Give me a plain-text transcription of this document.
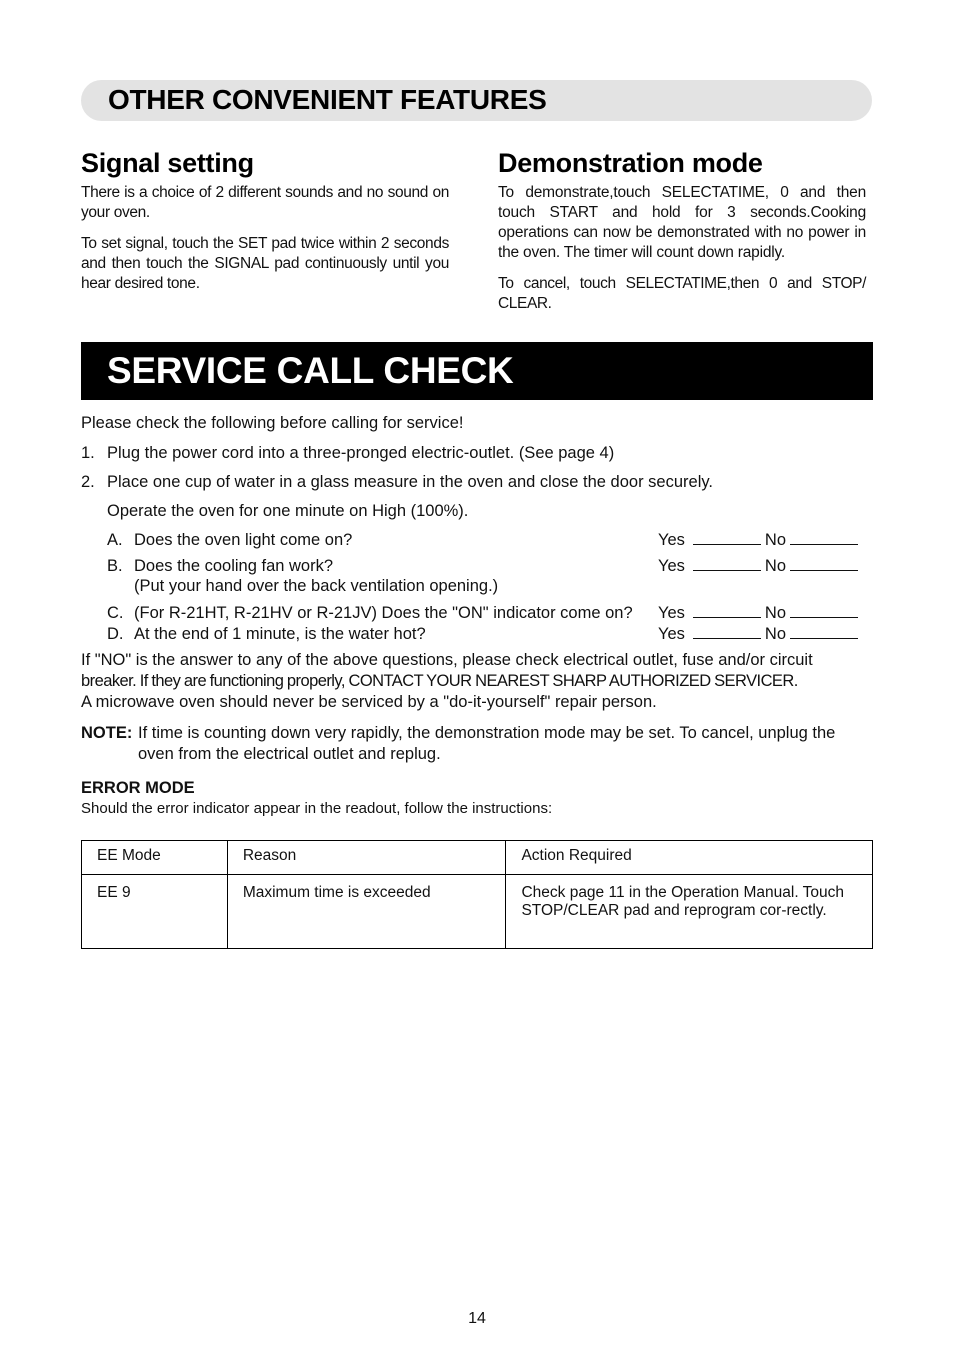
OTHER CONVENIENT FEATURES
Signal setting

There is a choice of 2 different sounds and no sound on your oven.

To set signal, touch the SET pad twice within 2 seconds and then touch the SIGNAL pad continuously until you hear desired tone.

Demonstration mode

To demonstrate,touch SELECTATIME, 0 and then touch START and hold for 3 seconds.Cooking operations can now be demonstrated with no power in the oven. The timer will count down rapidly.

To cancel, touch SELECTATIME,then 0 and STOP/ CLEAR.

SERVICE CALL CHECK
Please check the following before calling for service!
1. Plug the power cord into a three-pronged electric-outlet. (See page 4)
2. Place one cup of water in a glass measure in the oven and close the door securely.
Operate the oven for one minute on High (100%).
A. Does the oven light come on?	Yes	No
B. Does the cooling fan work?
(Put your hand over the back ventilation opening.)
Yes	No
C. (For R-21HT, R-21HV or R-21JV) Does the "ON" indicator come on?	Yes	No
D. At the end of 1 minute, is the water hot?	Yes	No
If "NO" is the answer to any of the above questions, please check electrical outlet, fuse and/or circuit
breaker. If they are functioning properly, CONTACT YOUR NEAREST SHARP AUTHORIZED SERVICER.
A microwave oven should never be serviced by a "do-it-yourself" repair person.
NOTE: If time is counting down very rapidly, the demonstration mode may be set. To cancel, unplug the oven from the electrical outlet and replug.
ERROR MODE
Should the error indicator appear in the readout, follow the instructions:
EE Mode	Reason	Action Required
EE 9	Maximum time is exceeded	Check page 11 in the Operation Manual. Touch STOP/CLEAR pad and reprogram cor-rectly.
14
